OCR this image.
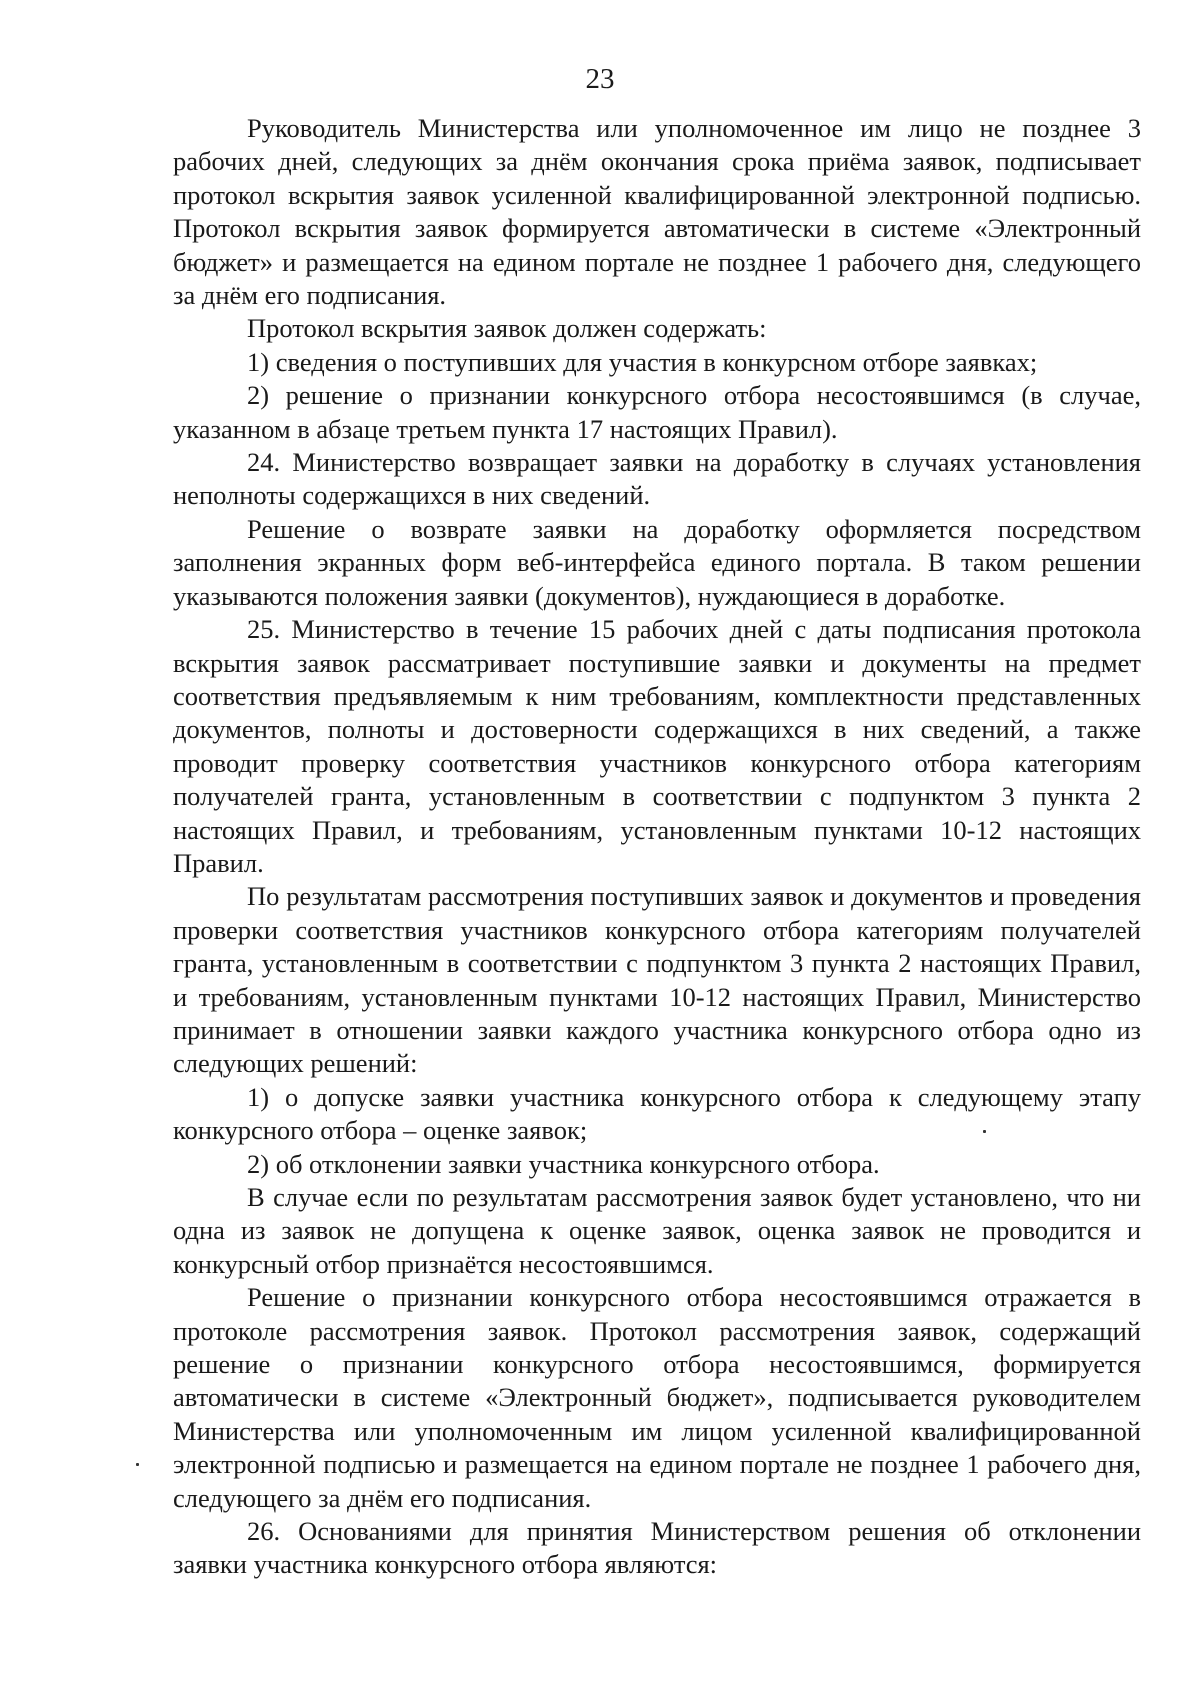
23

Руководитель Министерства или уполномоченное им лицо не позднее 3 рабочих дней, следующих за днём окончания срока приёма заявок, подписывает протокол вскрытия заявок усиленной квалифицированной электронной подписью. Протокол вскрытия заявок формируется автоматически в системе «Электронный бюджет» и размещается на едином портале не позднее 1 рабочего дня, следующего за днём его подписания.

Протокол вскрытия заявок должен содержать:

1) сведения о поступивших для участия в конкурсном отборе заявках;

2) решение о признании конкурсного отбора несостоявшимся (в случае, указанном в абзаце третьем пункта 17 настоящих Правил).

24. Министерство возвращает заявки на доработку в случаях установления неполноты содержащихся в них сведений.

Решение о возврате заявки на доработку оформляется посредством заполнения экранных форм веб-интерфейса единого портала. В таком решении указываются положения заявки (документов), нуждающиеся в доработке.

25. Министерство в течение 15 рабочих дней с даты подписания протокола вскрытия заявок рассматривает поступившие заявки и документы на предмет соответствия предъявляемым к ним требованиям, комплектности представленных документов, полноты и достоверности содержащихся в них сведений, а также проводит проверку соответствия участников конкурсного отбора категориям получателей гранта, установленным в соответствии с подпунктом 3 пункта 2 настоящих Правил, и требованиям, установленным пунктами 10-12 настоящих Правил.

По результатам рассмотрения поступивших заявок и документов и проведения проверки соответствия участников конкурсного отбора категориям получателей гранта, установленным в соответствии с подпунктом 3 пункта 2 настоящих Правил, и требованиям, установленным пунктами 10-12 настоящих Правил, Министерство принимает в отношении заявки каждого участника конкурсного отбора одно из следующих решений:

1) о допуске заявки участника конкурсного отбора к следующему этапу конкурсного отбора – оценке заявок;

2) об отклонении заявки участника конкурсного отбора.

В случае если по результатам рассмотрения заявок будет установлено, что ни одна из заявок не допущена к оценке заявок, оценка заявок не проводится и конкурсный отбор признаётся несостоявшимся.

Решение о признании конкурсного отбора несостоявшимся отражается в протоколе рассмотрения заявок. Протокол рассмотрения заявок, содержащий решение о признании конкурсного отбора несостоявшимся, формируется автоматически в системе «Электронный бюджет», подписывается руководителем Министерства или уполномоченным им лицом усиленной квалифицированной электронной подписью и размещается на едином портале не позднее 1 рабочего дня, следующего за днём его подписания.

26. Основаниями для принятия Министерством решения об отклонении заявки участника конкурсного отбора являются:
